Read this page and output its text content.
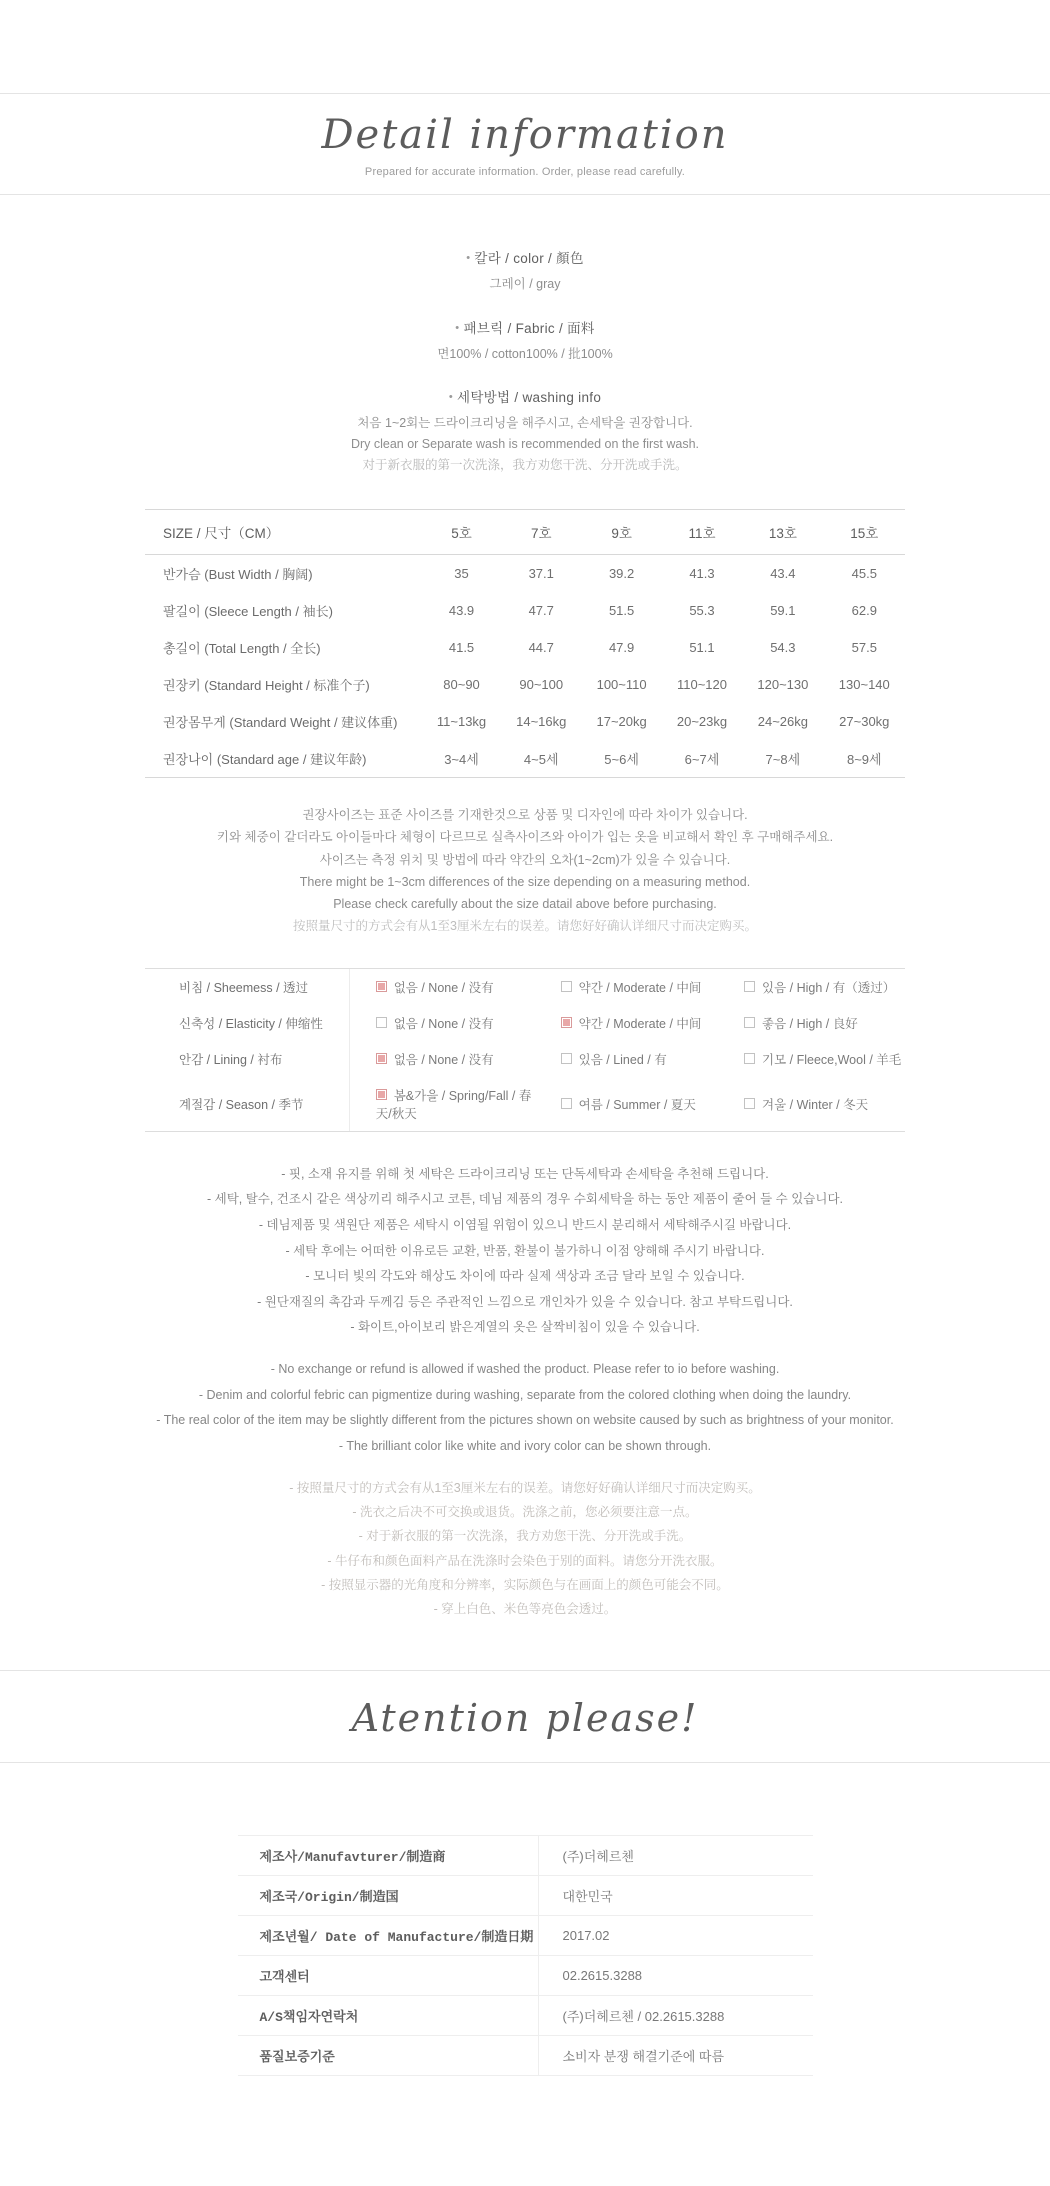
Detail information
Prepared for accurate information. Order, please read carefully.
• 칼라 / color / 顏色
그레이 / gray
• 패브릭 / Fabric / 面料
면100% / cotton100% / 批100%
• 세탁방법 / washing info
처음 1~2회는 드라이크리닝을 해주시고, 손세탁을 권장합니다.
Dry clean or Separate wash is recommended on the first wash.
对于新衣服的第一次洗涤，我方劝您干洗、分开洗或手洗。
SIZE / 尺寸（CM）	5호	7호	9호	11호	13호	15호
반가슴 (Bust Width / 胸阔)	35	37.1	39.2	41.3	43.4	45.5
팔길이 (Sleece Length / 袖长)	43.9	47.7	51.5	55.3	59.1	62.9
총길이 (Total Length / 全长)	41.5	44.7	47.9	51.1	54.3	57.5
권장키 (Standard Height / 标准个子)	80~90	90~100	100~110	110~120	120~130	130~140
권장몸무게 (Standard Weight / 建议体重)	11~13kg	14~16kg	17~20kg	20~23kg	24~26kg	27~30kg
권장나이 (Standard age / 建议年龄)	3~4세	4~5세	5~6세	6~7세	7~8세	8~9세
권장사이즈는 표준 사이즈를 기재한것으로 상품 및 디자인에 따라 차이가 있습니다.
키와 체중이 같더라도 아이들마다 체형이 다르므로 실측사이즈와 아이가 입는 옷을 비교해서 확인 후 구매해주세요.
사이즈는 측정 위치 및 방법에 따라 약간의 오차(1~2cm)가 있을 수 있습니다.
There might be 1~3cm differences of the size depending on a measuring method.
Please check carefully about the size datail above before purchasing.
按照量尺寸的方式会有从1至3厘米左右的误差。请您好好确认详细尺寸而决定购买。
비침 / Sheemess / 透过	없음 / None / 没有	약간 / Moderate / 中间	있음 / High / 有（透过）
신축성 / Elasticity / 伸缩性	없음 / None / 没有	약간 / Moderate / 中间	좋음 / High / 良好
안감 / Lining / 衬布	없음 / None / 没有	있음 / Lined / 有	기모 / Fleece,Wool / 羊毛
계절감 / Season / 季节	봄&가을 / Spring/Fall / 春天/秋天	여름 / Summer / 夏天	겨울 / Winter / 冬天
- 핏, 소재 유지를 위해 첫 세탁은 드라이크리닝 또는 단독세탁과 손세탁을 추천해 드립니다.
- 세탁, 탈수, 건조시 같은 색상끼리 해주시고 코튼, 데님 제품의 경우 수회세탁을 하는 동안 제품이 줄어 들 수 있습니다.
- 데님제품 및 색원단 제품은 세탁시 이염될 위험이 있으니 반드시 분리해서 세탁해주시길 바랍니다.
- 세탁 후에는 어떠한 이유로든 교환, 반품, 환불이 불가하니 이점 양해해 주시기 바랍니다.
- 모니터 빛의 각도와 해상도 차이에 따라 실제 색상과 조금 달라 보일 수 있습니다.
- 원단재질의 촉감과 두께김 등은 주관적인 느낌으로 개인차가 있을 수 있습니다. 참고 부탁드립니다.
- 화이트,아이보리 밝은계열의 옷은 살짝비침이 있을 수 있습니다.
- No exchange or refund is allowed if washed the product. Please refer to io before washing.
- Denim and colorful febric can pigmentize during washing, separate from the colored clothing when doing the laundry.
- The real color of the item may be slightly different from the pictures shown on website caused by such as brightness of your monitor.
- The brilliant color like white and ivory color can be shown through.
- 按照量尺寸的方式会有从1至3厘米左右的误差。请您好好确认详细尺寸而决定购买。
- 洗衣之后决不可交换或退货。洗涤之前，您必须要注意一点。
- 对于新衣服的第一次洗涤，我方劝您干洗、分开洗或手洗。
- 牛仔布和颜色面料产品在洗涤时会染色于别的面料。请您分开洗衣服。
- 按照显示器的光角度和分辨率，实际颜色与在画面上的颜色可能会不同。
- 穿上白色、米色等亮色会透过。
Atention please!
제조사/Manufavturer/制造商	(주)더헤르첸
제조국/Origin/制造国	대한민국
제조년월/ Date of Manufacture/制造日期	2017.02
고객센터	02.2615.3288
A/S책임자연락처	(주)더헤르첸 / 02.2615.3288
품질보증기준	소비자 분쟁 해결기준에 따름
